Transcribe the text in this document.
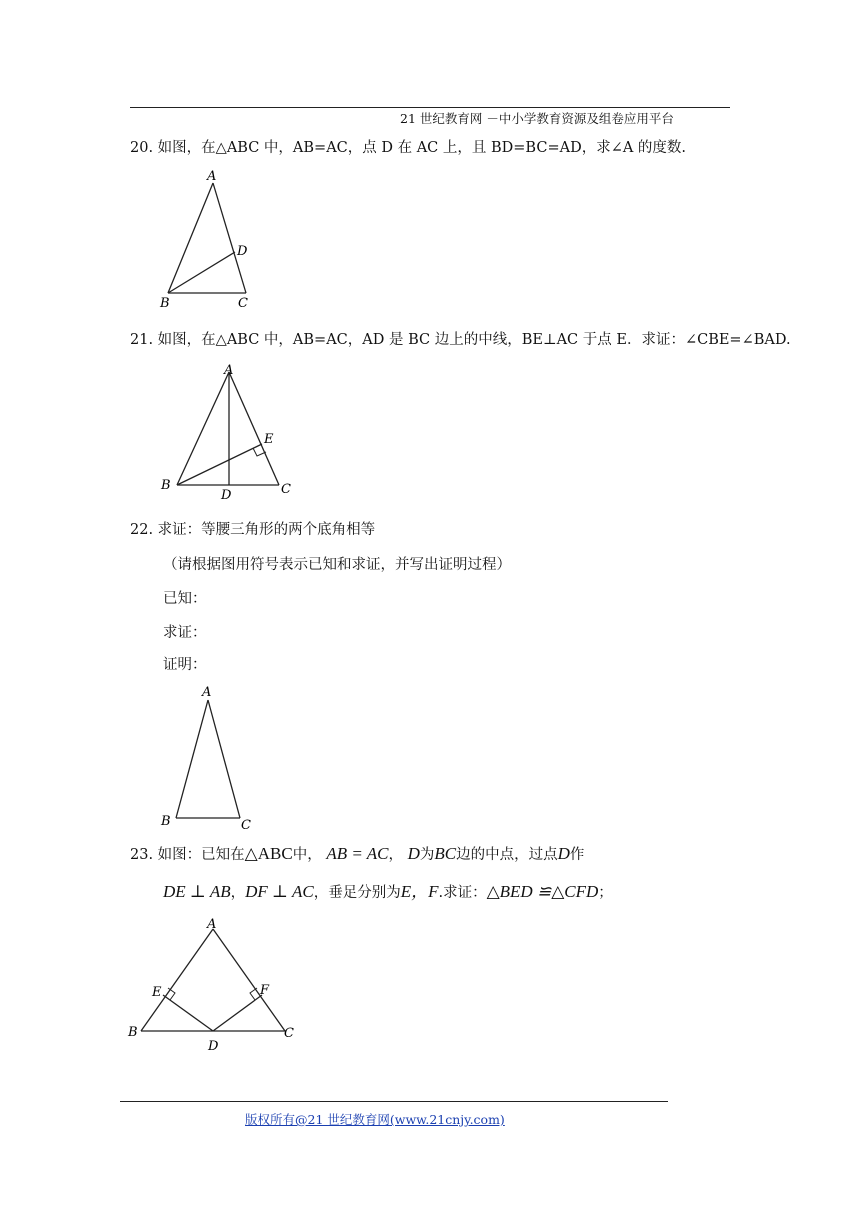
21 世纪教育网 －中小学教育资源及组卷应用平台
20. 如图，在△ABC 中，AB=AC，点 D 在 AC 上，且 BD=BC=AD，求∠A 的度数.
A
B	C
D
21. 如图，在△ABC 中，AB=AC，AD 是 BC 边上的中线，BE⊥AC 于点 E．求证：∠CBE=∠BAD.
A
B	C
D
E
22. 求证：等腰三角形的两个底角相等
（请根据图用符号表示已知和求证，并写出证明过程）
已知：
求证：
证明：
A
B	C
23. 如图：已知在△ABC中， AB = AC， D为BC边的中点，过点D作
DE ⊥ AB，DF ⊥ AC，垂足分别为E，F.求证：△BED ≌△CFD；
A
B	C
D
E	F
版权所有@21 世纪教育网(www.21cnjy.com)
